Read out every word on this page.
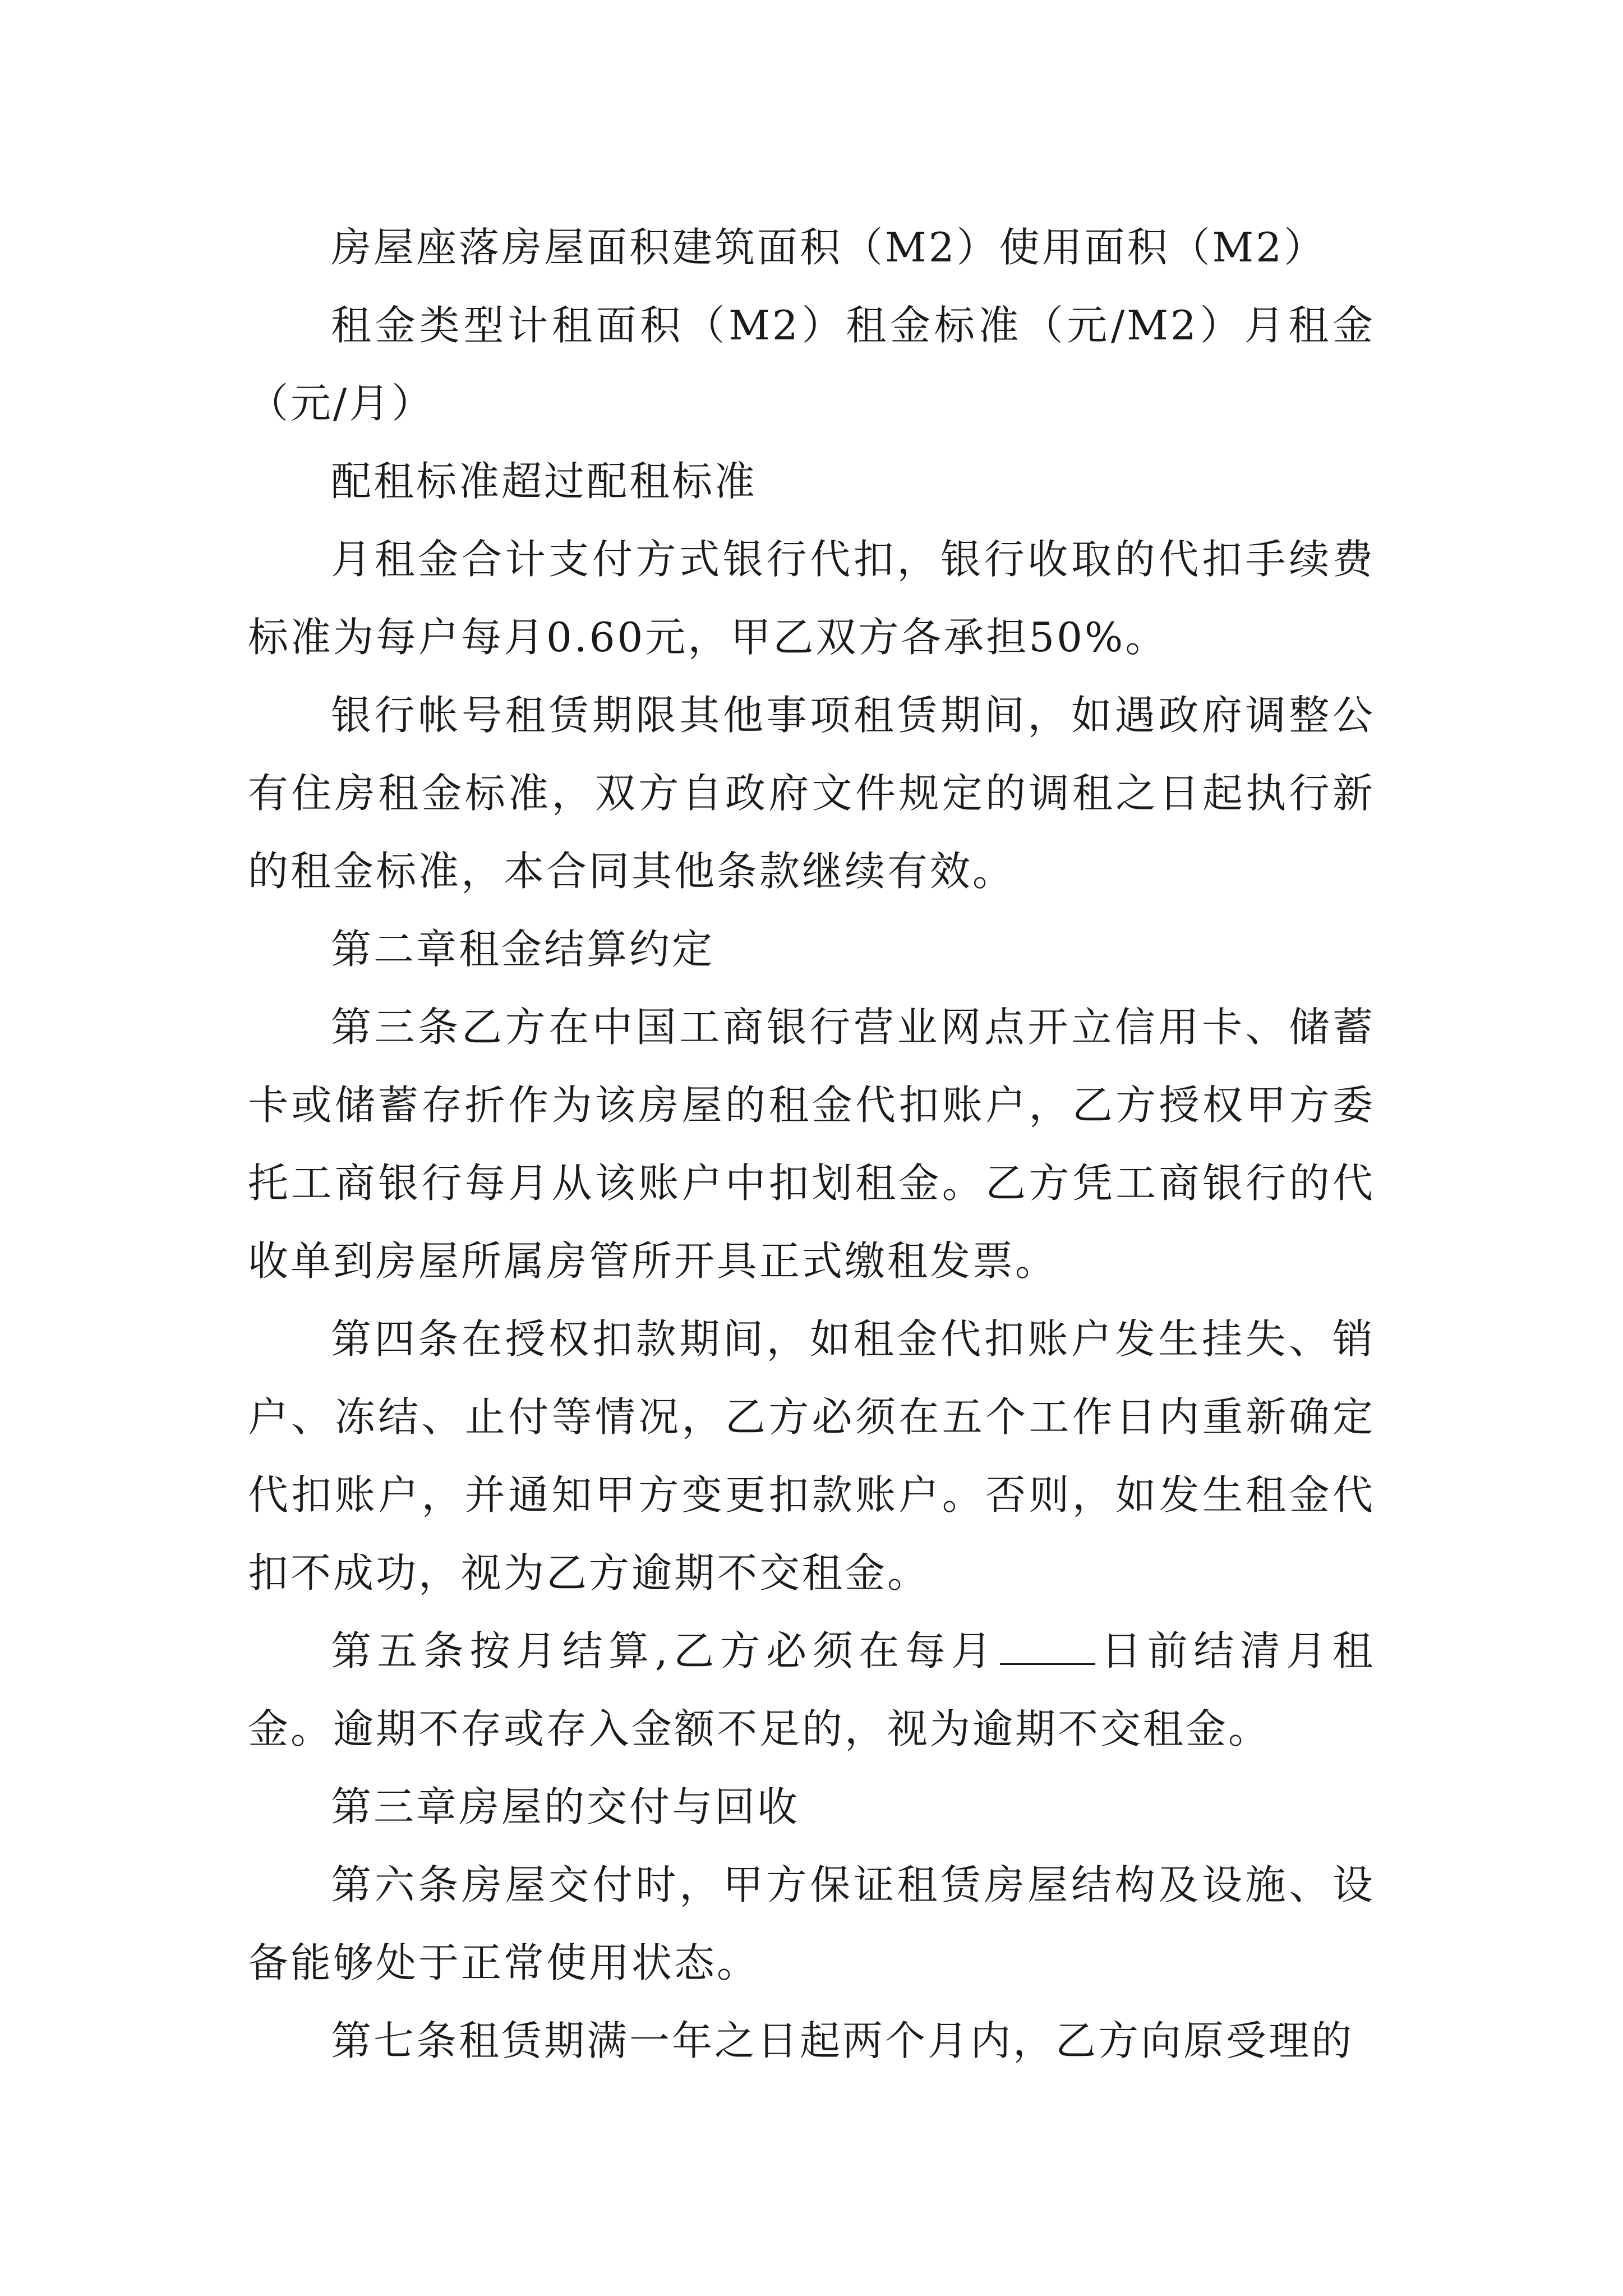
房屋座落房屋面积建筑面积（M2）使用面积（M2）

租金类型计租面积（M2）租金标准（元/M2）月租金（元/月）

配租标准超过配租标准

月租金合计支付方式银行代扣，银行收取的代扣手续费标准为每户每月0.60元，甲乙双方各承担50%。

银行帐号租赁期限其他事项租赁期间，如遇政府调整公有住房租金标准，双方自政府文件规定的调租之日起执行新的租金标准，本合同其他条款继续有效。

第二章租金结算约定

第三条乙方在中国工商银行营业网点开立信用卡、储蓄卡或储蓄存折作为该房屋的租金代扣账户，乙方授权甲方委托工商银行每月从该账户中扣划租金。乙方凭工商银行的代收单到房屋所属房管所开具正式缴租发票。

第四条在授权扣款期间，如租金代扣账户发生挂失、销户、冻结、止付等情况，乙方必须在五个工作日内重新确定代扣账户，并通知甲方变更扣款账户。否则，如发生租金代扣不成功，视为乙方逾期不交租金。

第五条按月结算,乙方必须在每月 日前结清月租金。逾期不存或存入金额不足的，视为逾期不交租金。

第三章房屋的交付与回收

第六条房屋交付时，甲方保证租赁房屋结构及设施、设备能够处于正常使用状态。

第七条租赁期满一年之日起两个月内，乙方向原受理的
